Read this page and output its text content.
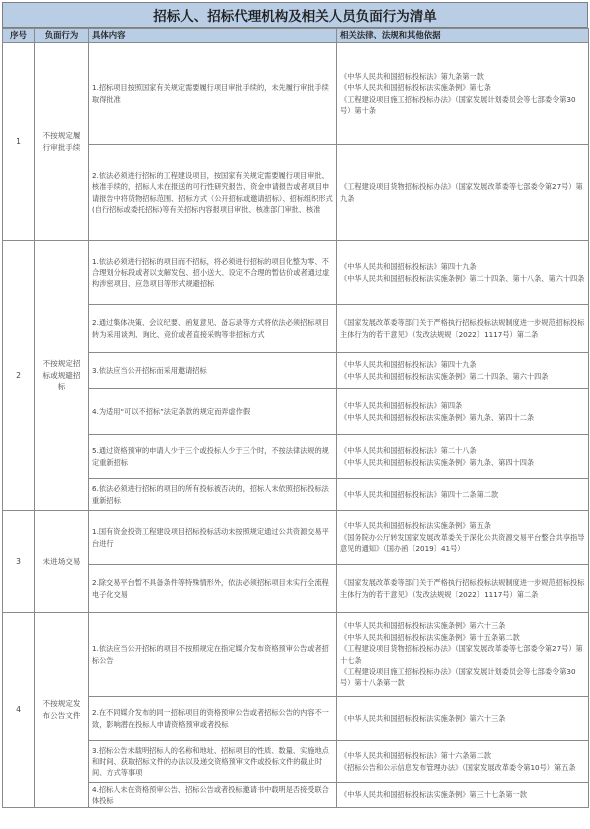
招标人、招标代理机构及相关人员负面行为清单
序号	负面行为	具体内容	相关法律、法规和其他依据
1	不按规定履行审批手续	1.招标项目按照国家有关规定需要履行项目审批手续的，未先履行审批手续取得批准	《中华人民共和国招标投标法》第九条第一款
《中华人民共和国招标投标法实施条例》第七条
《工程建设项目施工招标投标办法》（国家发展计划委员会等七部委令第30号）第十条

		2.依法必须进行招标的工程建设项目，按国家有关规定需要履行项目审批、核准手续的，招标人未在报送的可行性研究报告、资金申请报告或者项目申请报告中将货物招标范围、招标方式（公开招标或邀请招标）、招标组织形式(自行招标或委托招标)等有关招标内容报项目审批、核准部门审批、核准	《工程建设项目货物招标投标办法》（国家发展改革委等七部委令第27号）第九条

2	不按规定招标或规避招标	1.依法必须进行招标的项目而不招标，将必须进行招标的项目化整为零、不合理划分标段或者以支解发包、招小送大、设定不合理的暂估价或者通过虚构涉密项目、应急项目等形式规避招标	《中华人民共和国招标投标法》第四十九条
《中华人民共和国招标投标法实施条例》第二十四条、第十八条、第六十四条

		2.通过集体决策、会议纪要、函复意见、备忘录等方式将依法必须招标项目转为采用谈判、询比、竞价或者直接采购等非招标方式	《国家发展改革委等部门关于严格执行招标投标法规制度进一步规范招标投标主体行为的若干意见》（发改法规规〔2022〕1117号）第二条

		3.依法应当公开招标而采用邀请招标	《中华人民共和国招标投标法》第四十九条
《中华人民共和国招标投标法实施条例》第二十四条、第六十四条

		4.为适用“可以不招标”法定条款的规定而弄虚作假	《中华人民共和国招标投标法》第四条
《中华人民共和国招标投标法实施条例》第九条、第四十二条

		5.通过资格预审的申请人少于三个或投标人少于三个时，不按法律法规的规定重新招标	《中华人民共和国招标投标法》第二十八条
《中华人民共和国招标投标法实施条例》第九条、第四十四条

		6.依法必须进行招标的项目的所有投标被否决的，招标人未依照招标投标法重新招标	《中华人民共和国招标投标法》第四十二条第二款

3	未进场交易	1.国有资金投资工程建设项目招标投标活动未按照规定通过公共资源交易平台进行	《中华人民共和国招标投标法实施条例》第五条
《国务院办公厅转发国家发展改革委关于深化公共资源交易平台整合共享指导意见的通知》（国办函〔2019〕41号）

		2.除交易平台暂不具备条件等特殊情形外，依法必须招标项目未实行全流程电子化交易	《国家发展改革委等部门关于严格执行招标投标法规制度进一步规范招标投标主体行为的若干意见》（发改法规规〔2022〕1117号）第二条

4	不按规定发布公告文件	1.依法应当公开招标的项目不按照规定在指定媒介发布资格预审公告或者招标公告	《中华人民共和国招标投标法实施条例》第六十三条
《中华人民共和国招标投标法实施条例》第十五条第二款
《工程建设项目货物招标投标办法》（国家发展改革委等七部委令第27号）第十七条
《工程建设项目施工招标投标办法》（国家发展计划委员会等七部委令第30号）第十八条第一款

		2.在不同媒介发布的同一招标项目的资格预审公告或者招标公告的内容不一致，影响潜在投标人申请资格预审或者投标	《中华人民共和国招标投标法实施条例》第六十三条

		3.招标公告未载明招标人的名称和地址、招标项目的性质、数量、实施地点和时间、获取招标文件的办法以及递交资格预审文件或投标文件的截止时间、方式等事项	《中华人民共和国招标投标法》第十六条第二款
《招标公告和公示信息发布管理办法》（国家发展改革委令第10号）第五条

		4.招标人未在资格预审公告、招标公告或者投标邀请书中载明是否接受联合体投标	《中华人民共和国招标投标法实施条例》第三十七条第一款
